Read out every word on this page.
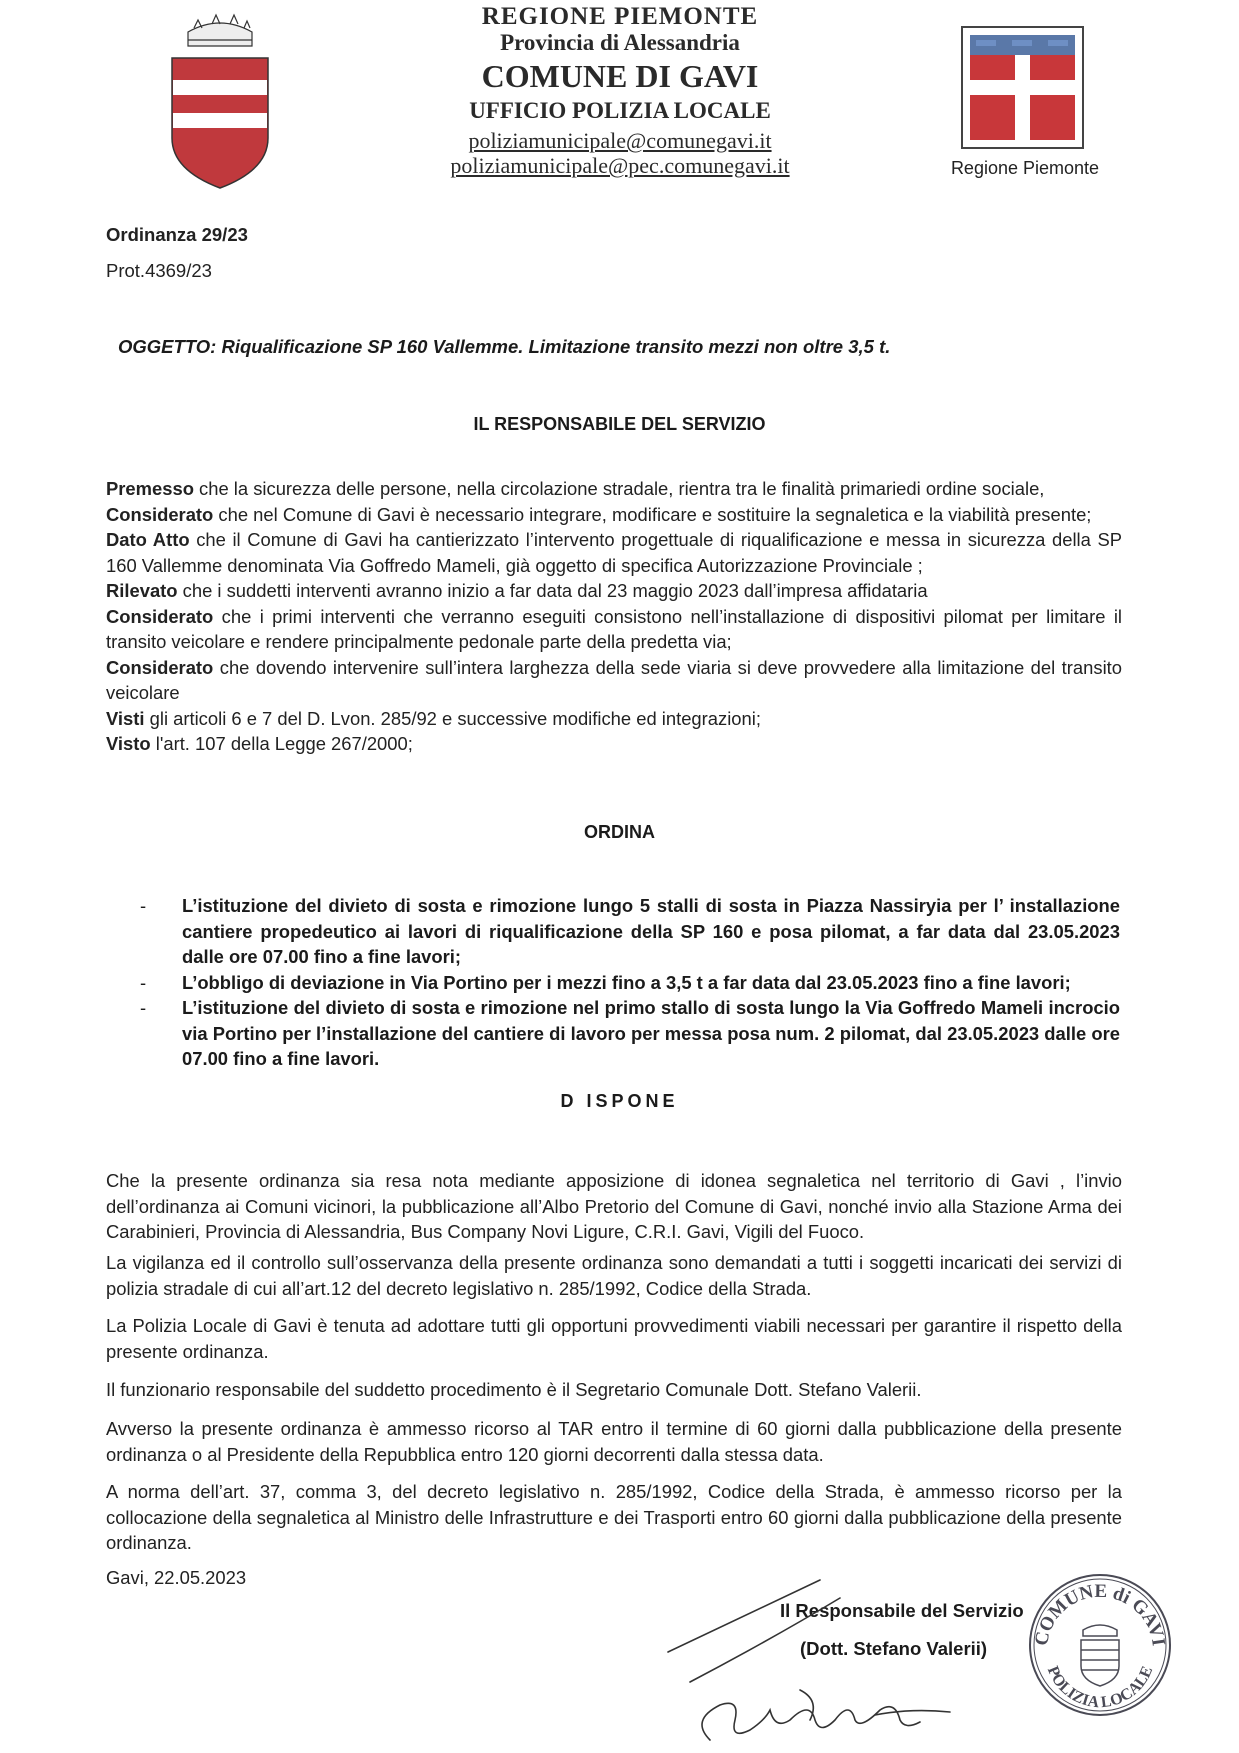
REGIONE PIEMONTE
Provincia di Alessandria
COMUNE DI GAVI
UFFICIO POLIZIA LOCALE
poliziamunicipale@comunegavi.it
poliziamunicipale@pec.comunegavi.it	Regione Piemonte
Ordinanza 29/23
Prot.4369/23
OGGETTO: Riqualificazione SP 160 Vallemme. Limitazione transito mezzi non oltre 3,5 t.
IL RESPONSABILE DEL SERVIZIO
Premesso che la sicurezza delle persone, nella circolazione stradale, rientra tra le finalità primariedi ordine sociale,
Considerato che nel Comune di Gavi è necessario integrare, modificare e sostituire la segnaletica e la viabilità presente;
Dato Atto che il Comune di Gavi ha cantierizzato l’intervento progettuale di riqualificazione e messa in sicurezza della SP 160 Vallemme denominata Via Goffredo Mameli, già oggetto di specifica Autorizzazione Provinciale ;
Rilevato che i suddetti interventi avranno inizio a far data dal 23 maggio 2023 dall’impresa affidataria
Considerato che i primi interventi che verranno eseguiti consistono nell’installazione di dispositivi pilomat per limitare il transito veicolare e rendere principalmente pedonale parte della predetta via;
Considerato che dovendo intervenire sull’intera larghezza della sede viaria si deve provvedere alla limitazione del transito veicolare
Visti gli articoli 6 e 7 del D. Lvon. 285/92 e successive modifiche ed integrazioni;
Visto l'art. 107 della Legge 267/2000;
ORDINA
-	L’istituzione del divieto di sosta e rimozione lungo 5 stalli di sosta in Piazza Nassiryia per l’ installazione cantiere propedeutico ai lavori di riqualificazione della SP 160 e posa pilomat, a far data dal 23.05.2023 dalle ore 07.00 fino a fine lavori;
-	L’obbligo di deviazione in Via Portino per i mezzi fino a 3,5 t a far data dal 23.05.2023 fino a fine lavori;
-	L’istituzione del divieto di sosta e rimozione nel primo stallo di sosta lungo la Via Goffredo Mameli incrocio via Portino per l’installazione del cantiere di lavoro per messa posa num. 2 pilomat, dal 23.05.2023 dalle ore 07.00 fino a fine lavori.
D ISPONE
Che la presente ordinanza sia resa nota mediante apposizione di idonea segnaletica nel territorio di Gavi , l’invio dell’ordinanza ai Comuni vicinori, la pubblicazione all’Albo Pretorio del Comune di Gavi, nonché invio alla Stazione Arma dei Carabinieri, Provincia di Alessandria, Bus Company Novi Ligure, C.R.I. Gavi, Vigili del Fuoco.
La vigilanza ed il controllo sull’osservanza della presente ordinanza sono demandati a tutti i soggetti incaricati dei servizi di polizia stradale di cui all’art.12 del decreto legislativo n. 285/1992, Codice della Strada.
La Polizia Locale di Gavi è tenuta ad adottare tutti gli opportuni provvedimenti viabili necessari per garantire il rispetto della presente ordinanza.
Il funzionario responsabile del suddetto procedimento è il Segretario Comunale Dott. Stefano Valerii.
Avverso la presente ordinanza è ammesso ricorso al TAR entro il termine di 60 giorni dalla pubblicazione della presente ordinanza o al Presidente della Repubblica entro 120 giorni decorrenti dalla stessa data.
A norma dell’art. 37, comma 3, del decreto legislativo n. 285/1992, Codice della Strada, è ammesso ricorso per la collocazione della segnaletica al Ministro delle Infrastrutture e dei Trasporti entro 60 giorni dalla pubblicazione della presente ordinanza.
Gavi, 22.05.2023
Il Responsabile del Servizio
(Dott. Stefano Valerii) COMUNE di GAVI
POLIZIA LOCALE
